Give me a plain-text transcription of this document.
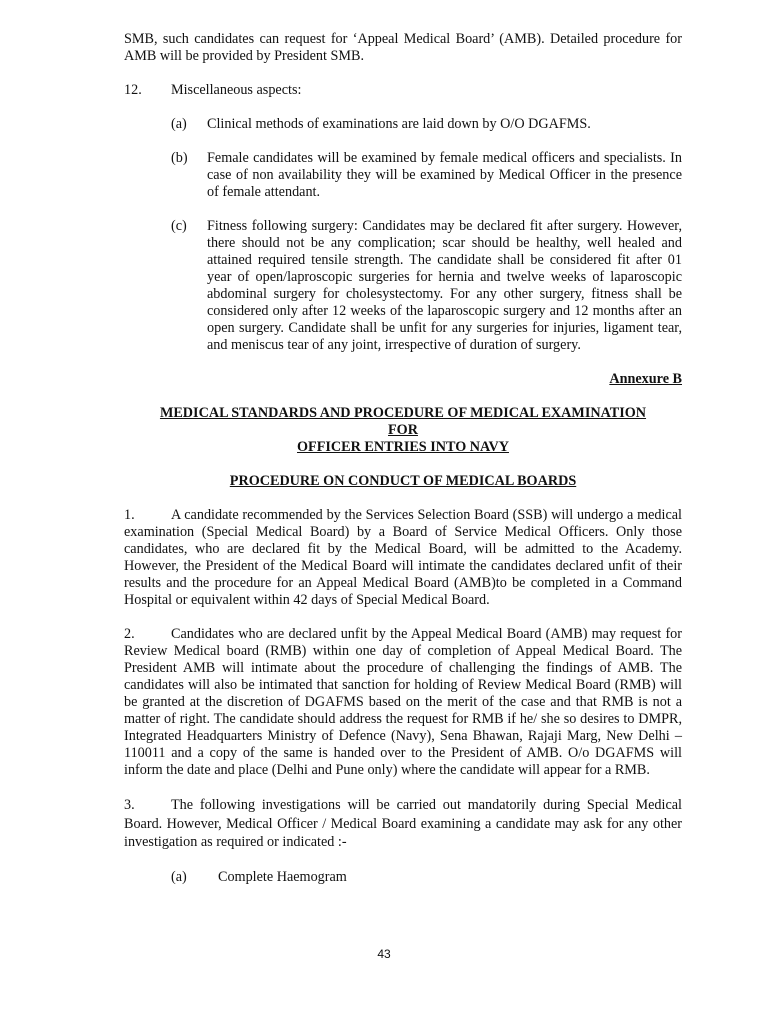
SMB, such candidates can request for ‘Appeal Medical Board’ (AMB). Detailed procedure for AMB will be provided by President SMB.

12.	Miscellaneous aspects:
(a)	Clinical methods of examinations are laid down by O/O DGAFMS.
(b)	Female candidates will be examined by female medical officers and specialists. In case of non availability they will be examined by Medical Officer in the presence of female attendant.
(c)	Fitness following surgery: Candidates may be declared fit after surgery. However, there should not be any complication; scar should be healthy, well healed and attained required tensile strength. The candidate shall be considered fit after 01 year of open/laproscopic surgeries for hernia and twelve weeks of laparoscopic abdominal surgery for cholesystectomy. For any other surgery, fitness shall be considered only after 12 weeks of the laparoscopic surgery and 12 months after an open surgery. Candidate shall be unfit for any surgeries for injuries, ligament tear, and meniscus tear of any joint, irrespective of duration of surgery.
Annexure B

MEDICAL STANDARDS AND PROCEDURE OF MEDICAL EXAMINATION

FOR

OFFICER ENTRIES INTO NAVY

PROCEDURE ON CONDUCT OF MEDICAL BOARDS

1.	A candidate recommended by the Services Selection Board (SSB) will undergo a medical examination (Special Medical Board) by a Board of Service Medical Officers. Only those candidates, who are declared fit by the Medical Board, will be admitted to the Academy. However, the President of the Medical Board will intimate the candidates declared unfit of their results and the procedure for an Appeal Medical Board (AMB)to be completed in a Command Hospital or equivalent within 42 days of Special Medical Board.

2.	Candidates who are declared unfit by the Appeal Medical Board (AMB) may request for Review Medical board (RMB) within one day of completion of Appeal Medical Board. The President AMB will intimate about the procedure of challenging the findings of AMB. The candidates will also be intimated that sanction for holding of Review Medical Board (RMB) will be granted at the discretion of DGAFMS based on the merit of the case and that RMB is not a matter of right. The candidate should address the request for RMB if he/ she so desires to DMPR, Integrated Headquarters Ministry of Defence (Navy), Sena Bhawan, Rajaji Marg, New Delhi – 110011 and a copy of the same is handed over to the President of AMB. O/o DGAFMS will inform the date and place (Delhi and Pune only) where the candidate will appear for a RMB.

3.	The following investigations will be carried out mandatorily during Special Medical Board. However, Medical Officer / Medical Board examining a candidate may ask for any other investigation as required or indicated :-

(a)	Complete Haemogram
43
